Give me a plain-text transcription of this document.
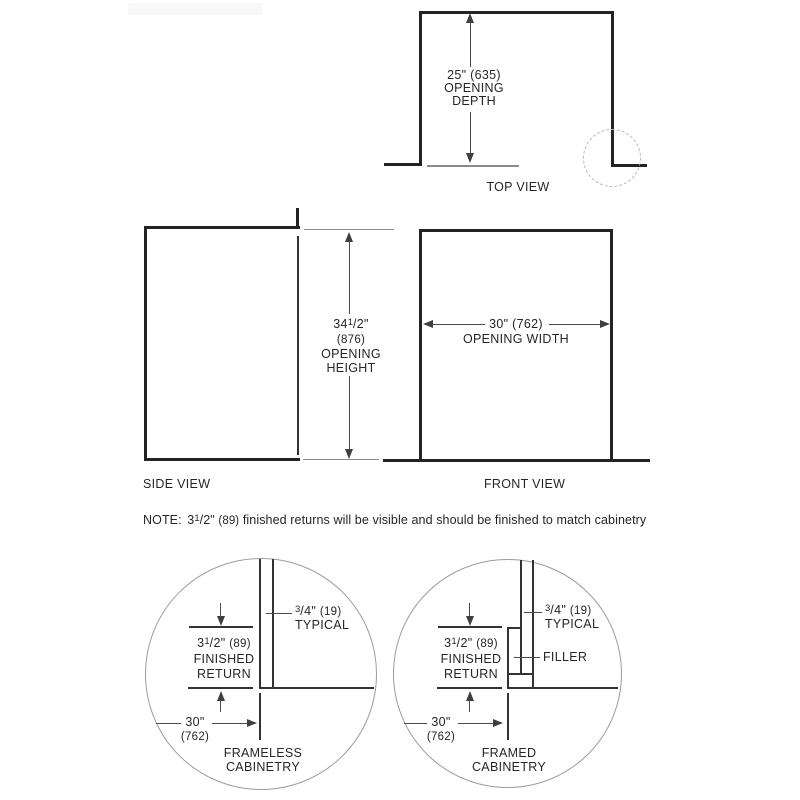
25" (635)
OPENING
DEPTH
TOP VIEW
$34^1/2$"
(876)
OPENING
HEIGHT
SIDE VIEW
30" (762)
OPENING WIDTH
FRONT VIEW
NOTE: $3^1/2$" (89) finished returns will be visible and should be finished to match cabinetry
$^3$/4" (19)
TYPICAL
$3^1/2$" (89)
FINISHED
RETURN
30"
(762)
FRAMELESS
CABINETRY
$^3$/4" (19)
TYPICAL
FILLER
$3^1/2$" (89)
FINISHED
RETURN
30"
(762)
FRAMED
CABINETRY
